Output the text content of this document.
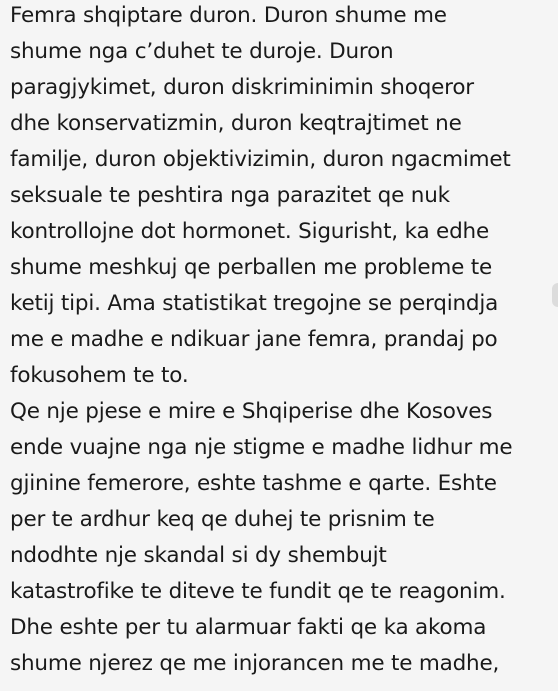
Femra shqiptare duron. Duron shume me
shume nga c’duhet te duroje. Duron
paragjykimet, duron diskriminimin shoqeror
dhe konservatizmin, duron keqtrajtimet ne
familje, duron objektivizimin, duron ngacmimet
seksuale te peshtira nga parazitet qe nuk
kontrollojne dot hormonet. Sigurisht, ka edhe
shume meshkuj qe perballen me probleme te
ketij tipi. Ama statistikat tregojne se perqindja
me e madhe e ndikuar jane femra, prandaj po
fokusohem te to.
Qe nje pjese e mire e Shqiperise dhe Kosoves
ende vuajne nga nje stigme e madhe lidhur me
gjinine femerore, eshte tashme e qarte. Eshte
per te ardhur keq qe duhej te prisnim te
ndodhte nje skandal si dy shembujt
katastrofike te diteve te fundit qe te reagonim.
Dhe eshte per tu alarmuar fakti qe ka akoma
shume njerez qe me injorancen me te madhe,
